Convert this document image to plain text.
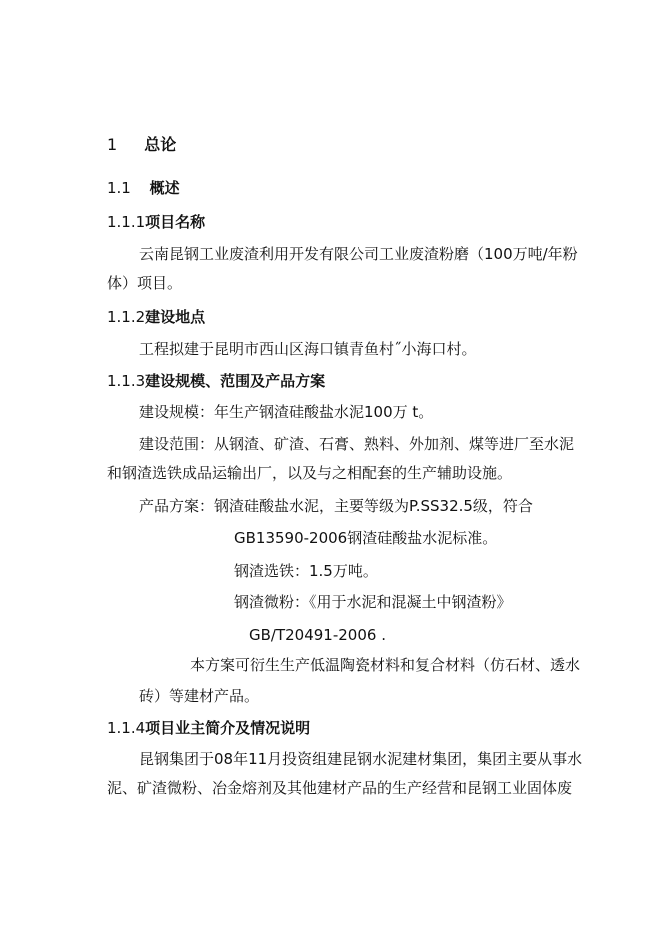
1 总论
1.1 概述
1.1.1项目名称
云南昆钢工业废渣利用开发有限公司工业废渣粉磨（100万吨/年粉
体）项目。
1.1.2建设地点
工程拟建于昆明市西山区海口镇青鱼村˝小海口村。
1.1.3建设规模、范围及产品方案
建设规模：年生产钢渣硅酸盐水泥100万 t。
建设范围：从钢渣、矿渣、石膏、熟料、外加剂、煤等进厂至水泥
和钢渣选铁成品运输出厂，以及与之相配套的生产辅助设施。
产品方案：钢渣硅酸盐水泥，主要等级为P.SS32.5级，符合
GB13590-2006钢渣硅酸盐水泥标准。
钢渣选铁：1.5万吨。
钢渣微粉：《用于水泥和混凝土中钢渣粉》
GB/T20491-2006 .
本方案可衍生生产低温陶瓷材料和复合材料（仿石材、透水
砖）等建材产品。
1.1.4项目业主简介及情况说明
昆钢集团于08年11月投资组建昆钢水泥建材集团，集团主要从事水
泥、矿渣微粉、冶金熔剂及其他建材产品的生产经营和昆钢工业固体废
